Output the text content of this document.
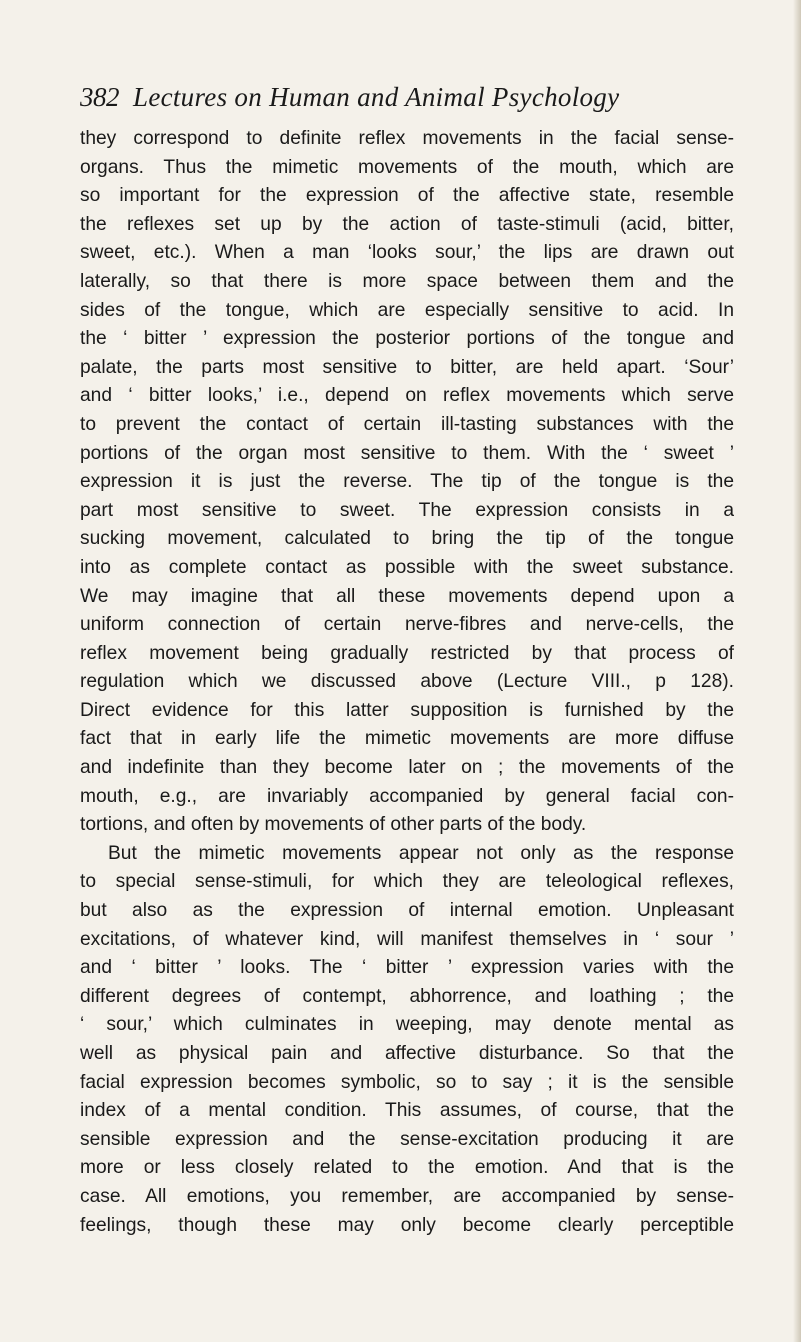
382 Lectures on Human and Animal Psychology
they correspond to definite reflex movements in the facial sense-
organs. Thus the mimetic movements of the mouth, which are
so important for the expression of the affective state, resemble
the reflexes set up by the action of taste-stimuli (acid, bitter,
sweet, etc.). When a man ‘looks sour,’ the lips are drawn out
laterally, so that there is more space between them and the
sides of the tongue, which are especially sensitive to acid. In
the ‘ bitter ’ expression the posterior portions of the tongue and
palate, the parts most sensitive to bitter, are held apart. ‘Sour’
and ‘ bitter looks,’ i.e., depend on reflex movements which serve
to prevent the contact of certain ill-tasting substances with the
portions of the organ most sensitive to them. With the ‘ sweet ’
expression it is just the reverse. The tip of the tongue is the
part most sensitive to sweet. The expression consists in a
sucking movement, calculated to bring the tip of the tongue
into as complete contact as possible with the sweet substance.
We may imagine that all these movements depend upon a
uniform connection of certain nerve-fibres and nerve-cells, the
reflex movement being gradually restricted by that process of
regulation which we discussed above (Lecture VIII., p 128).
Direct evidence for this latter supposition is furnished by the
fact that in early life the mimetic movements are more diffuse
and indefinite than they become later on ; the movements of the
mouth, e.g., are invariably accompanied by general facial con-
tortions, and often by movements of other parts of the body.
But the mimetic movements appear not only as the response
to special sense-stimuli, for which they are teleological reflexes,
but also as the expression of internal emotion. Unpleasant
excitations, of whatever kind, will manifest themselves in ‘ sour ’
and ‘ bitter ’ looks. The ‘ bitter ’ expression varies with the
different degrees of contempt, abhorrence, and loathing ; the
‘ sour,’ which culminates in weeping, may denote mental as
well as physical pain and affective disturbance. So that the
facial expression becomes symbolic, so to say ; it is the sensible
index of a mental condition. This assumes, of course, that the
sensible expression and the sense-excitation producing it are
more or less closely related to the emotion. And that is the
case. All emotions, you remember, are accompanied by sense-
feelings, though these may only become clearly perceptible
